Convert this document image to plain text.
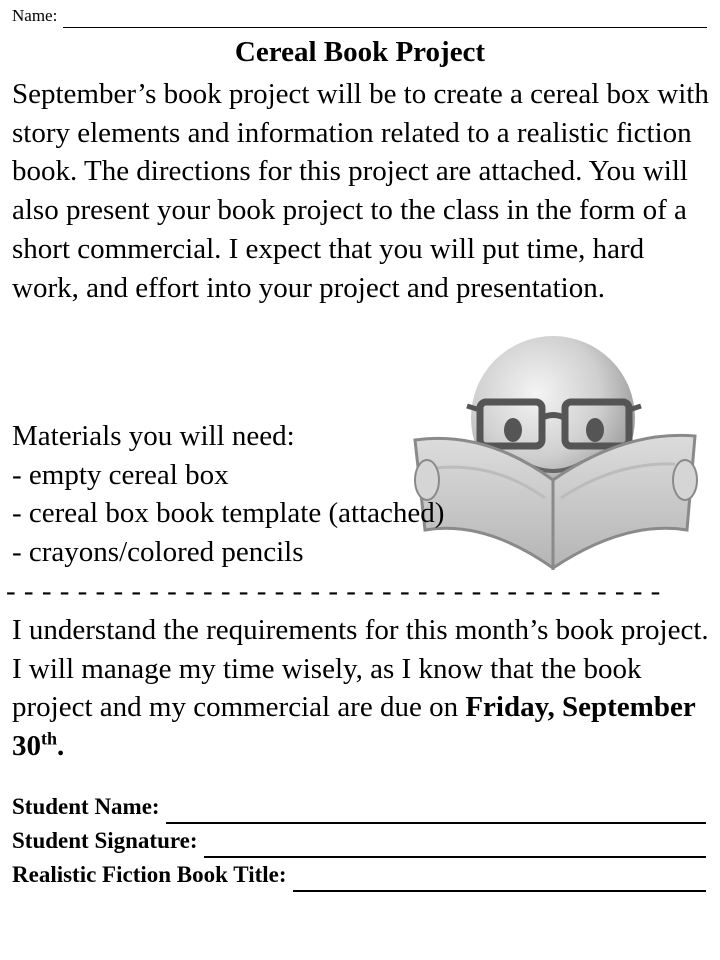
Name:
Cereal Book Project

September’s book project will be to create a cereal box with story elements and information related to a realistic fiction book. The directions for this project are attached. You will also present your book project to the class in the form of a short commercial. I expect that you will put time, hard work, and effort into your project and presentation.

Materials you will need:
- empty cereal box
- cereal box book template (attached)
- crayons/colored pencils
- - - - - - - - - - - - - - - - - - - - - - - - - - - - - - - - - - - - -
I understand the requirements for this month’s book project. I will manage my time wisely, as I know that the book project and my commercial are due on Friday, September 30th.
Student Name:
Student Signature:
Realistic Fiction Book Title:
